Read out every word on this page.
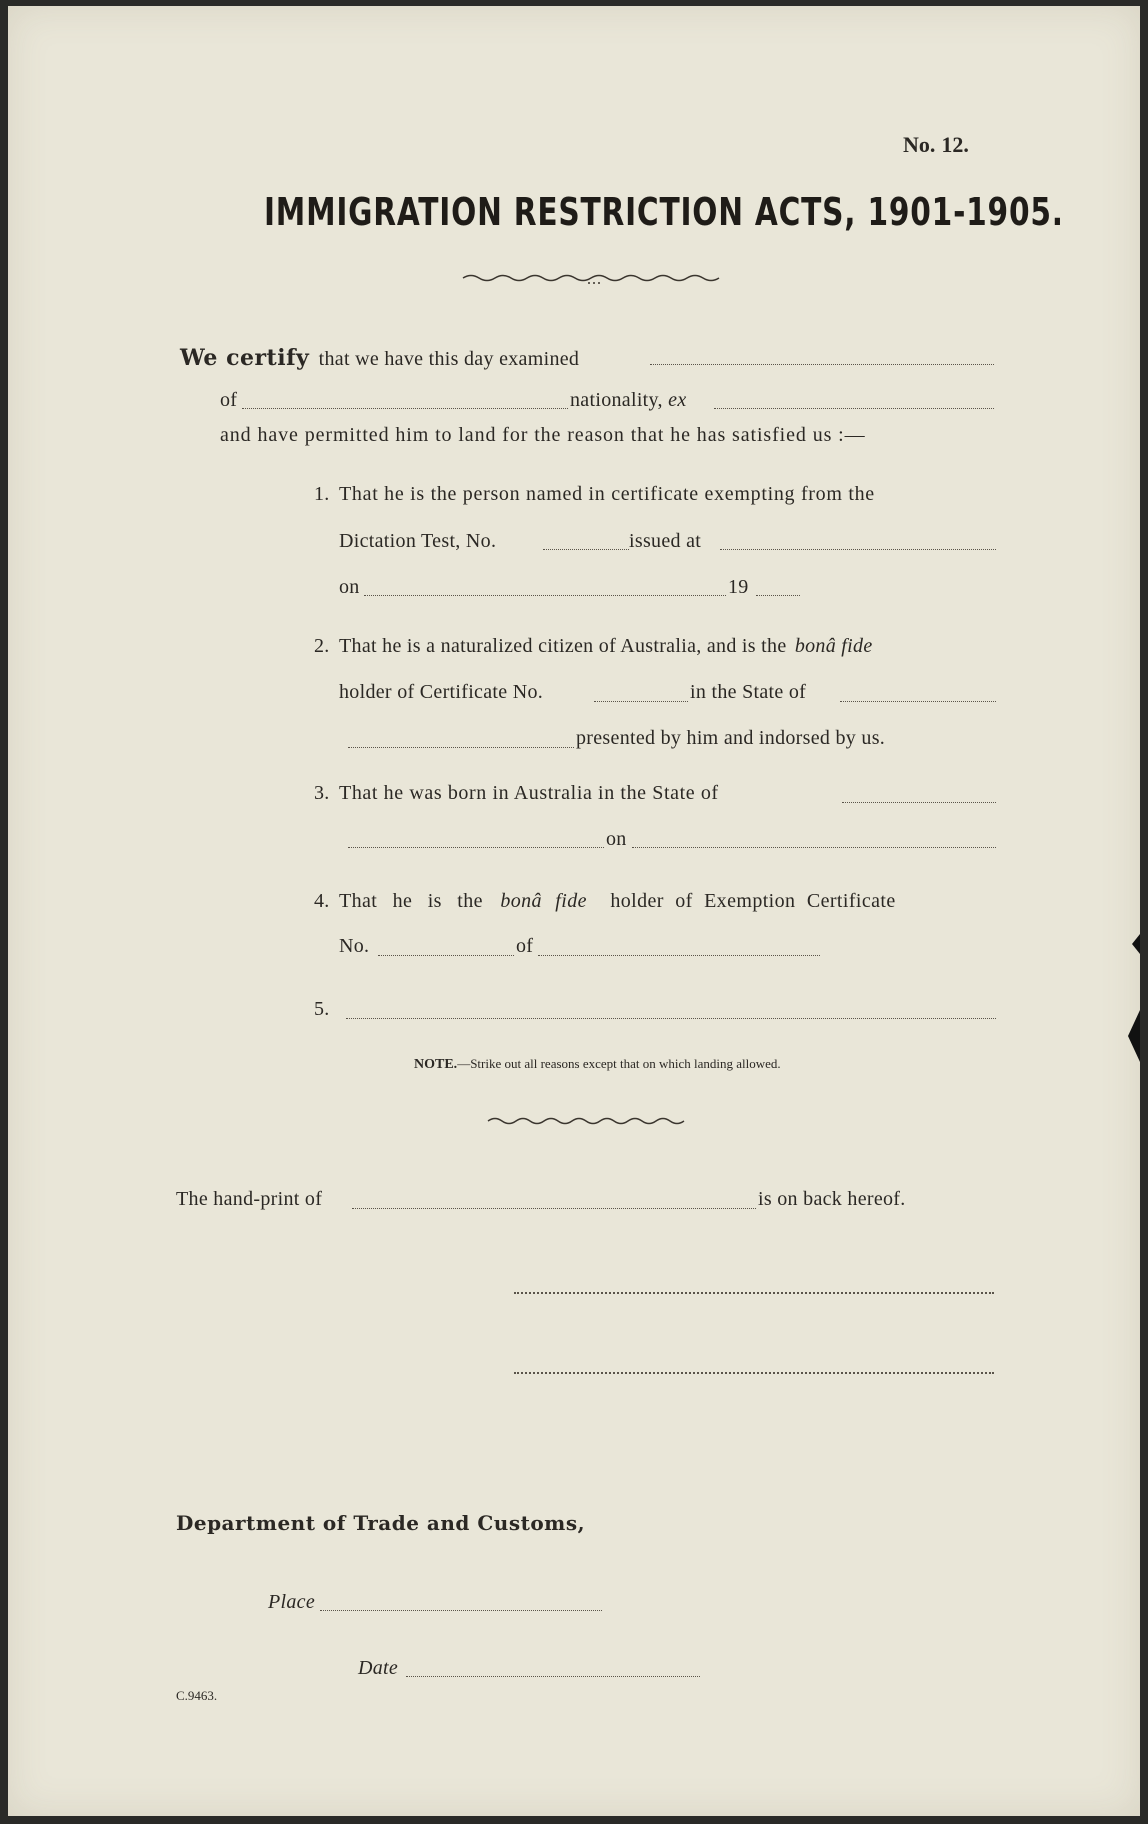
No. 12.
IMMIGRATION RESTRICTION ACTS, 1901-1905.
We certify that we have this day examined
of	nationality, ex
and have permitted him to land for the reason that he has satisfied us :—
1. That he is the person named in certificate exempting from the
Dictation Test, No.	issued at
on	19
2. That he is a naturalized citizen of Australia, and is the bonâ fide
holder of Certificate No.	in the State of
presented by him and indorsed by us.
3. That he was born in Australia in the State of
on
4. That he is the bonâ fide holder of Exemption Certificate
No.	of
5.
NOTE.—Strike out all reasons except that on which landing allowed.
The hand-print of	is on back hereof.
Department of Trade and Customs,
Place
Date
C.9463.
